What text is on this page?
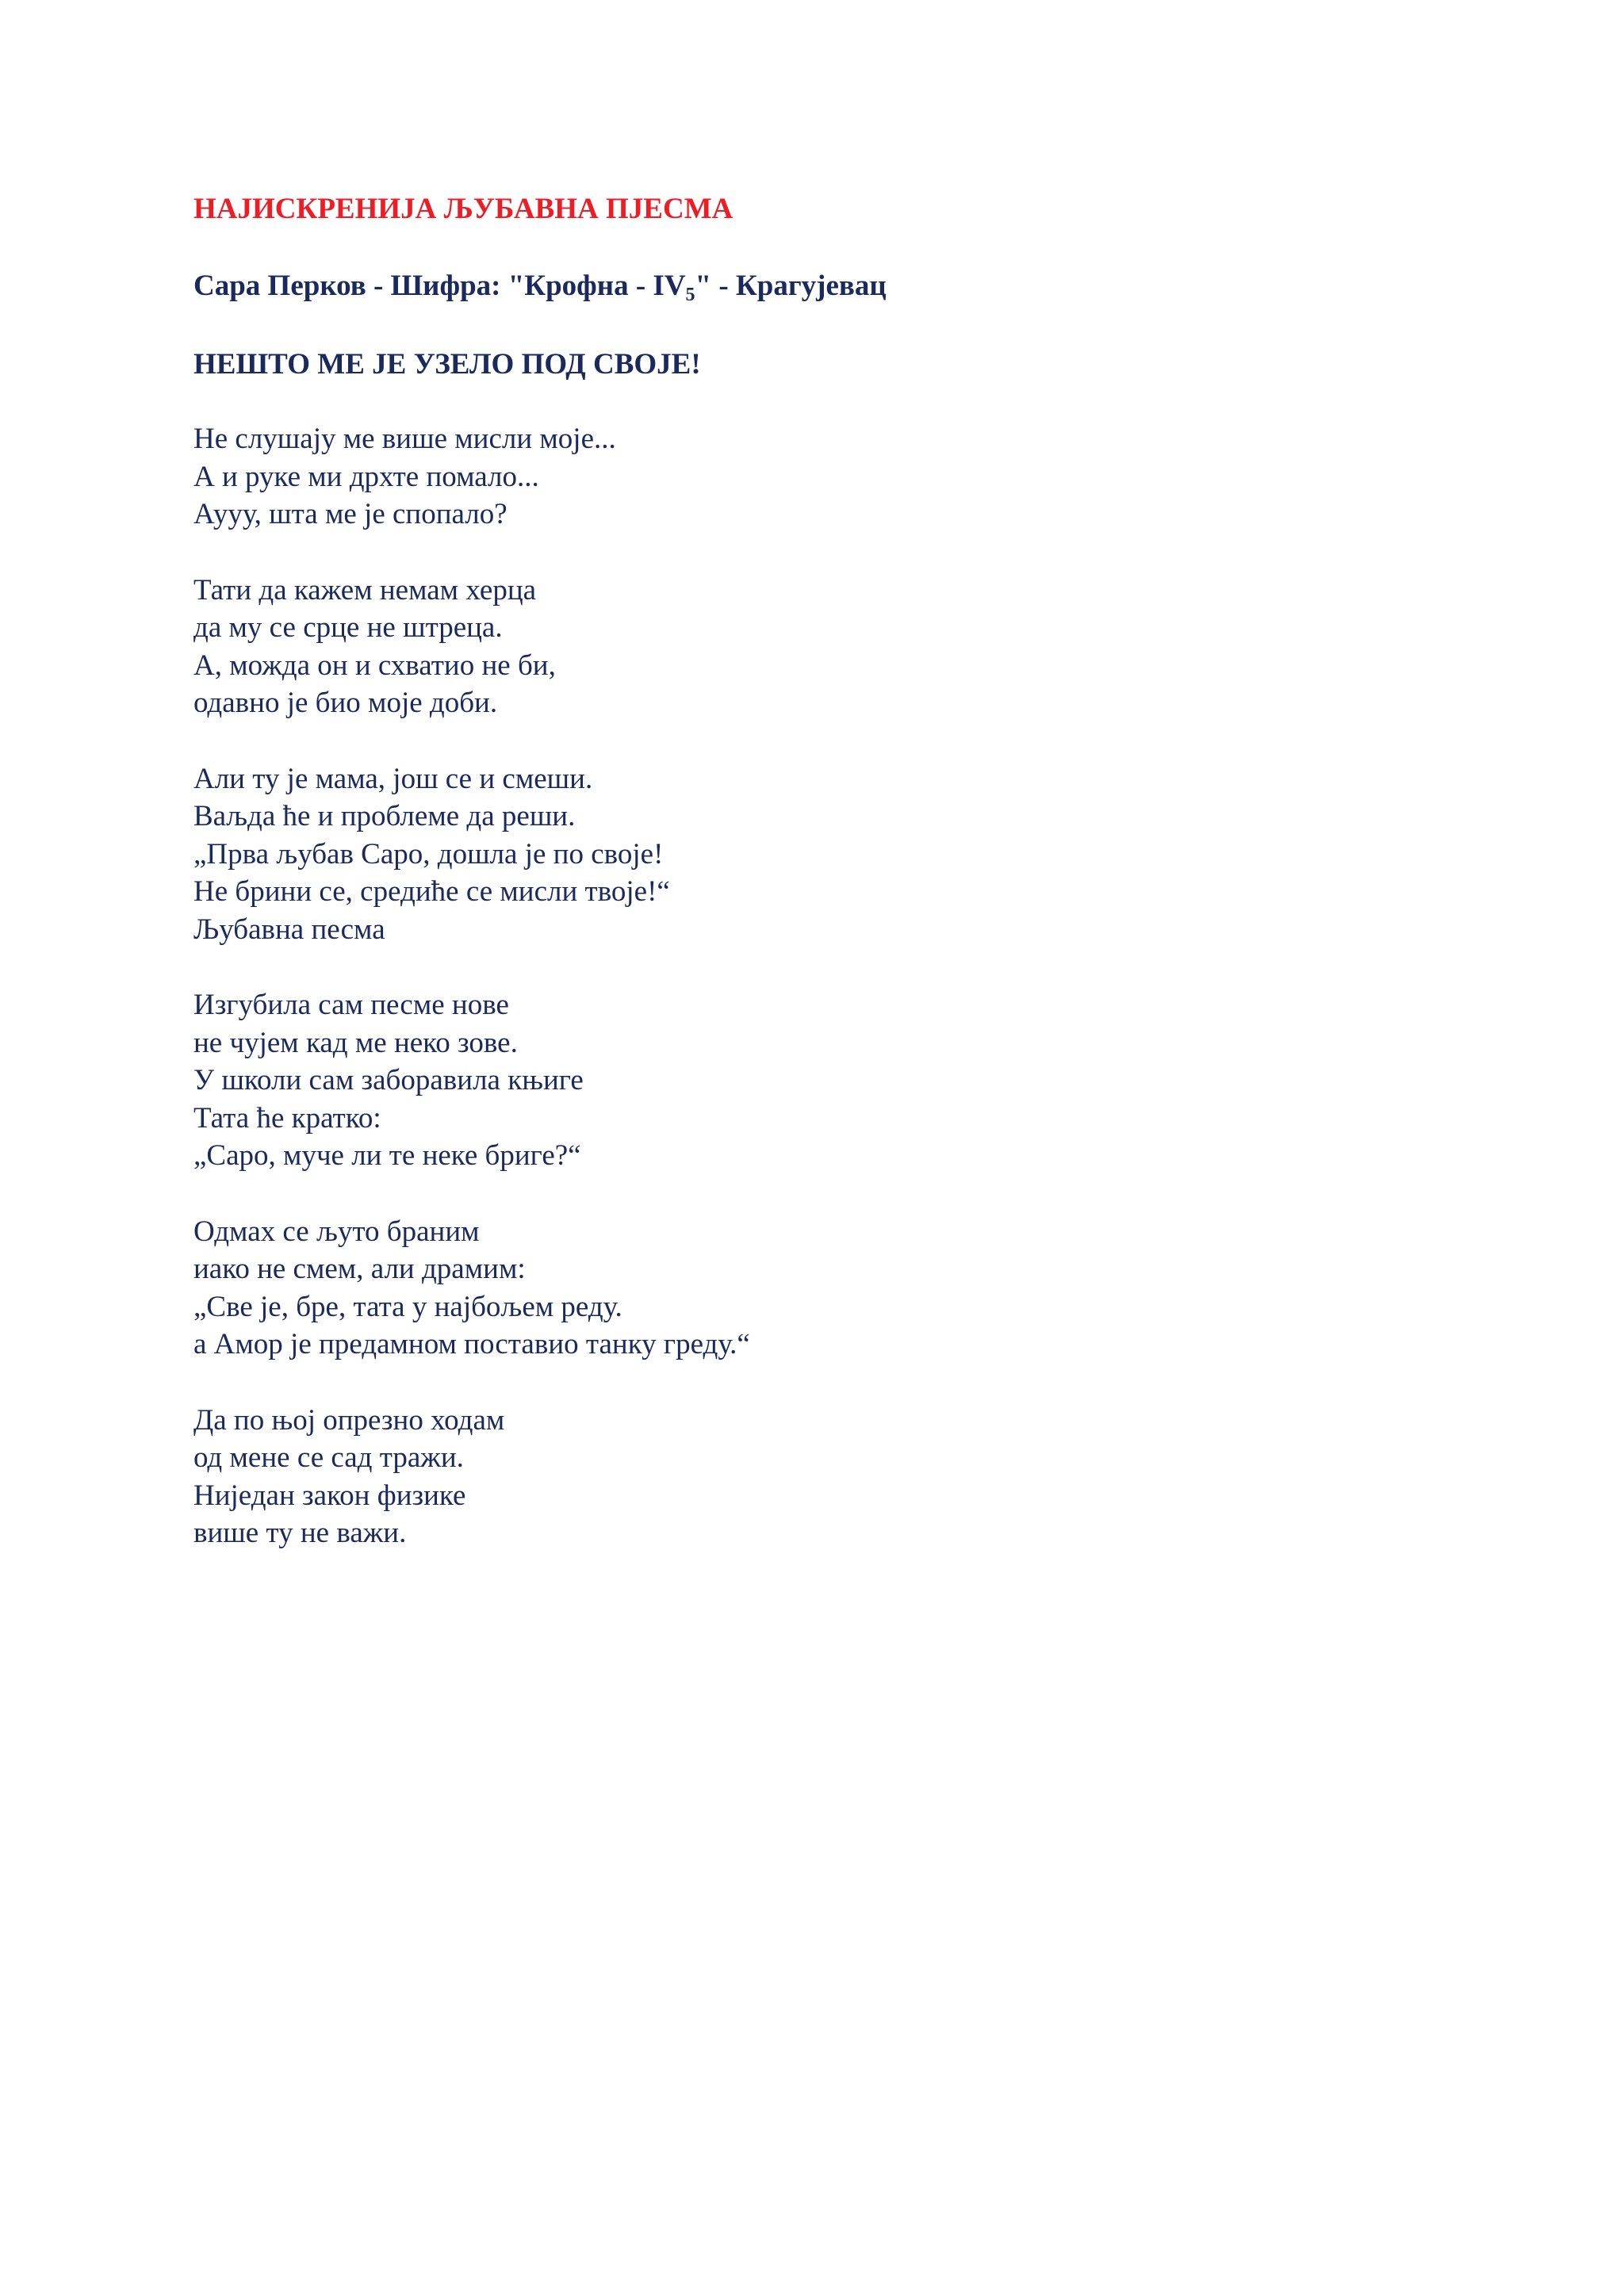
НАЈИСКРЕНИЈА ЉУБАВНА ПЈЕСМА
Сара Перков - Шифра: "Крофна - $IV_5$" - Крагујевац
НЕШТО МЕ ЈЕ УЗЕЛО ПОД СВОЈЕ!
Не слушају ме више мисли моје...
А и руке ми дрхте помало...
Аууу, шта ме је спопало?
Тати да кажем немам херца
да му се срце не штреца.
А, можда он и схватио не би,
одавно је био моје доби.
Али ту је мама, још се и смеши.
Ваљда ће и проблеме да реши.
„Прва љубав Саро, дошла је по своје!
Не брини се, средиће се мисли твоје!“
Љубавна песма
Изгубила сам песме нове
не чујем кад ме неко зове.
У школи сам заборавила књиге
Тата ће кратко:
„Саро, муче ли те неке бриге?“
Одмах се љуто браним
иако не смем, али драмим:
„Све је, бре, тата у најбољем реду.
а Амор је предамном поставио танку греду.“
Да по њој опрезно ходам
од мене се сад тражи.
Ниједан закон физике
више ту не важи.
